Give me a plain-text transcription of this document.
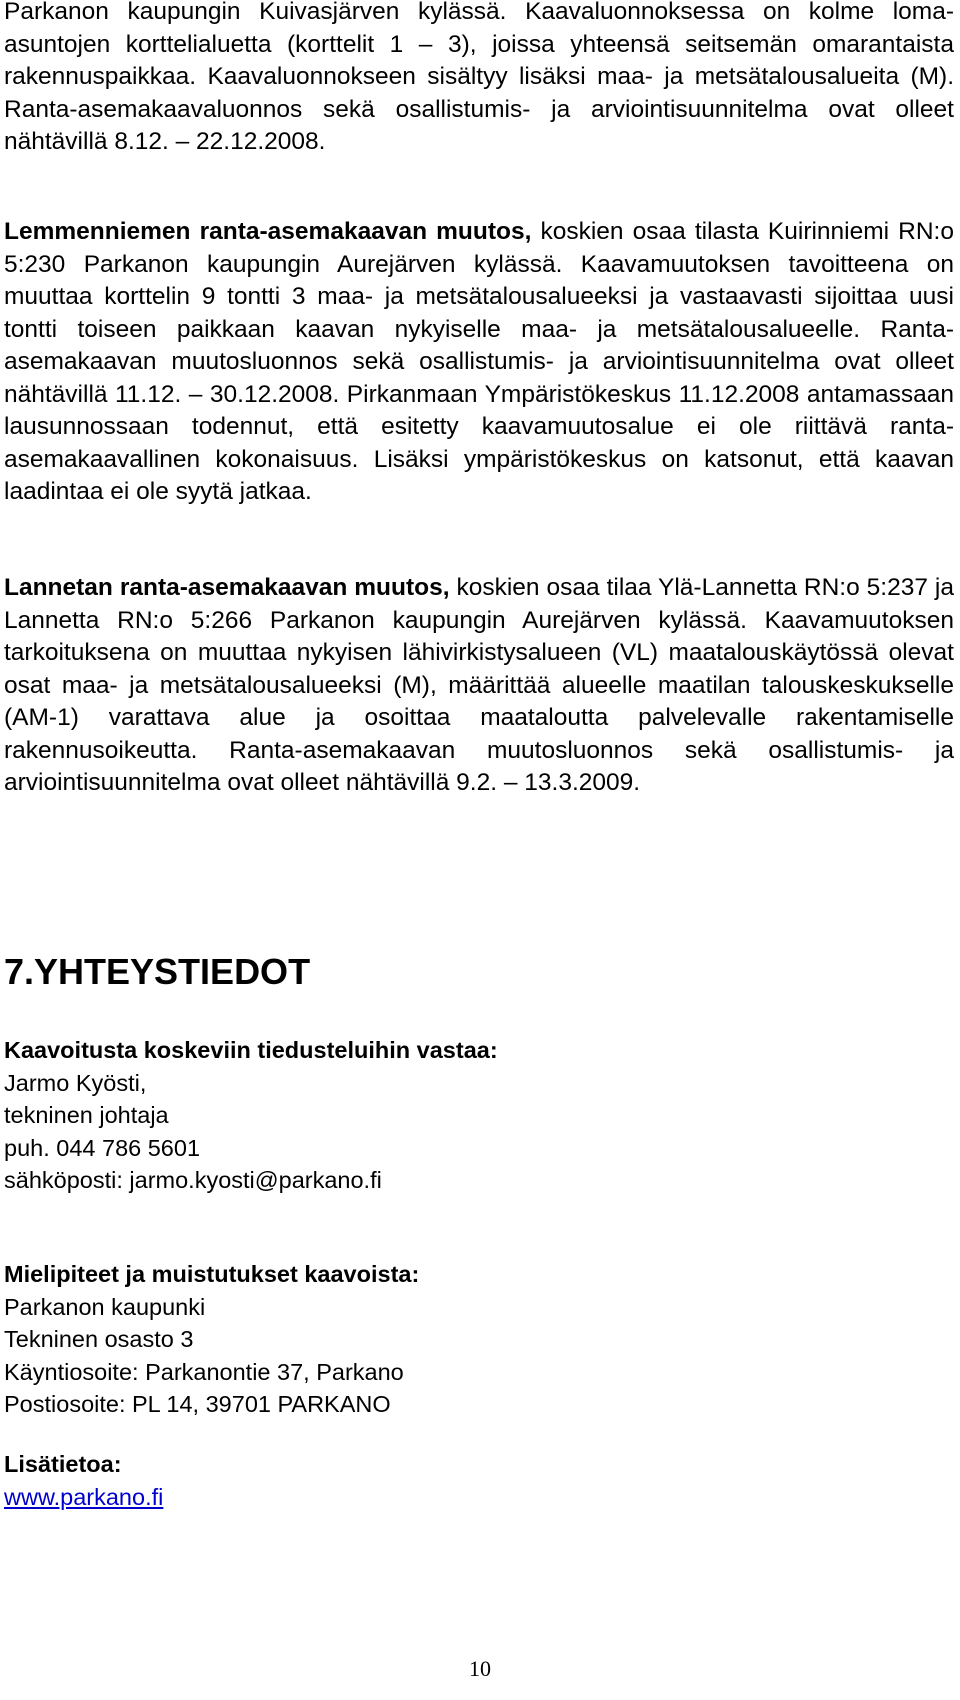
Parkanon kaupungin Kuivasjärven kylässä. Kaavaluonnoksessa on kolme loma-asuntojen korttelialuetta (korttelit 1 – 3), joissa yhteensä seitsemän omarantaista rakennuspaikkaa. Kaavaluonnokseen sisältyy lisäksi maa- ja metsätalousalueita (M). Ranta-asemakaavaluonnos sekä osallistumis- ja arviointisuunnitelma ovat olleet nähtävillä 8.12. – 22.12.2008.

Lemmenniemen ranta-asemakaavan muutos, koskien osaa tilasta Kuirinniemi RN:o 5:230 Parkanon kaupungin Aurejärven kylässä. Kaavamuutoksen tavoitteena on muuttaa korttelin 9 tontti 3 maa- ja metsätalousalueeksi ja vastaavasti sijoittaa uusi tontti toiseen paikkaan kaavan nykyiselle maa- ja metsätalousalueelle. Ranta-asemakaavan muutosluonnos sekä osallistumis- ja arviointisuunnitelma ovat olleet nähtävillä 11.12. – 30.12.2008. Pirkanmaan Ympäristökeskus 11.12.2008 antamassaan lausunnossaan todennut, että esitetty kaavamuutosalue ei ole riittävä ranta-asemakaavallinen kokonaisuus. Lisäksi ympäristökeskus on katsonut, että kaavan laadintaa ei ole syytä jatkaa.

Lannetan ranta-asemakaavan muutos, koskien osaa tilaa Ylä-Lannetta RN:o 5:237 ja Lannetta RN:o 5:266 Parkanon kaupungin Aurejärven kylässä. Kaavamuutoksen tarkoituksena on muuttaa nykyisen lähivirkistysalueen (VL) maatalouskäytössä olevat osat maa- ja metsätalousalueeksi (M), määrittää alueelle maatilan talouskeskukselle (AM-1) varattava alue ja osoittaa maataloutta palvelevalle rakentamiselle rakennusoikeutta. Ranta-asemakaavan muutosluonnos sekä osallistumis- ja arviointisuunnitelma ovat olleet nähtävillä 9.2. – 13.3.2009.

7.YHTEYSTIEDOT
Kaavoitusta koskeviin tiedusteluihin vastaa:
Jarmo Kyösti,
tekninen johtaja
puh. 044 786 5601
sähköposti: jarmo.kyosti@parkano.fi
Mielipiteet ja muistutukset kaavoista:
Parkanon kaupunki
Tekninen osasto 3
Käyntiosoite: Parkanontie 37, Parkano
Postiosoite: PL 14, 39701 PARKANO
Lisätietoa:
www.parkano.fi
10
